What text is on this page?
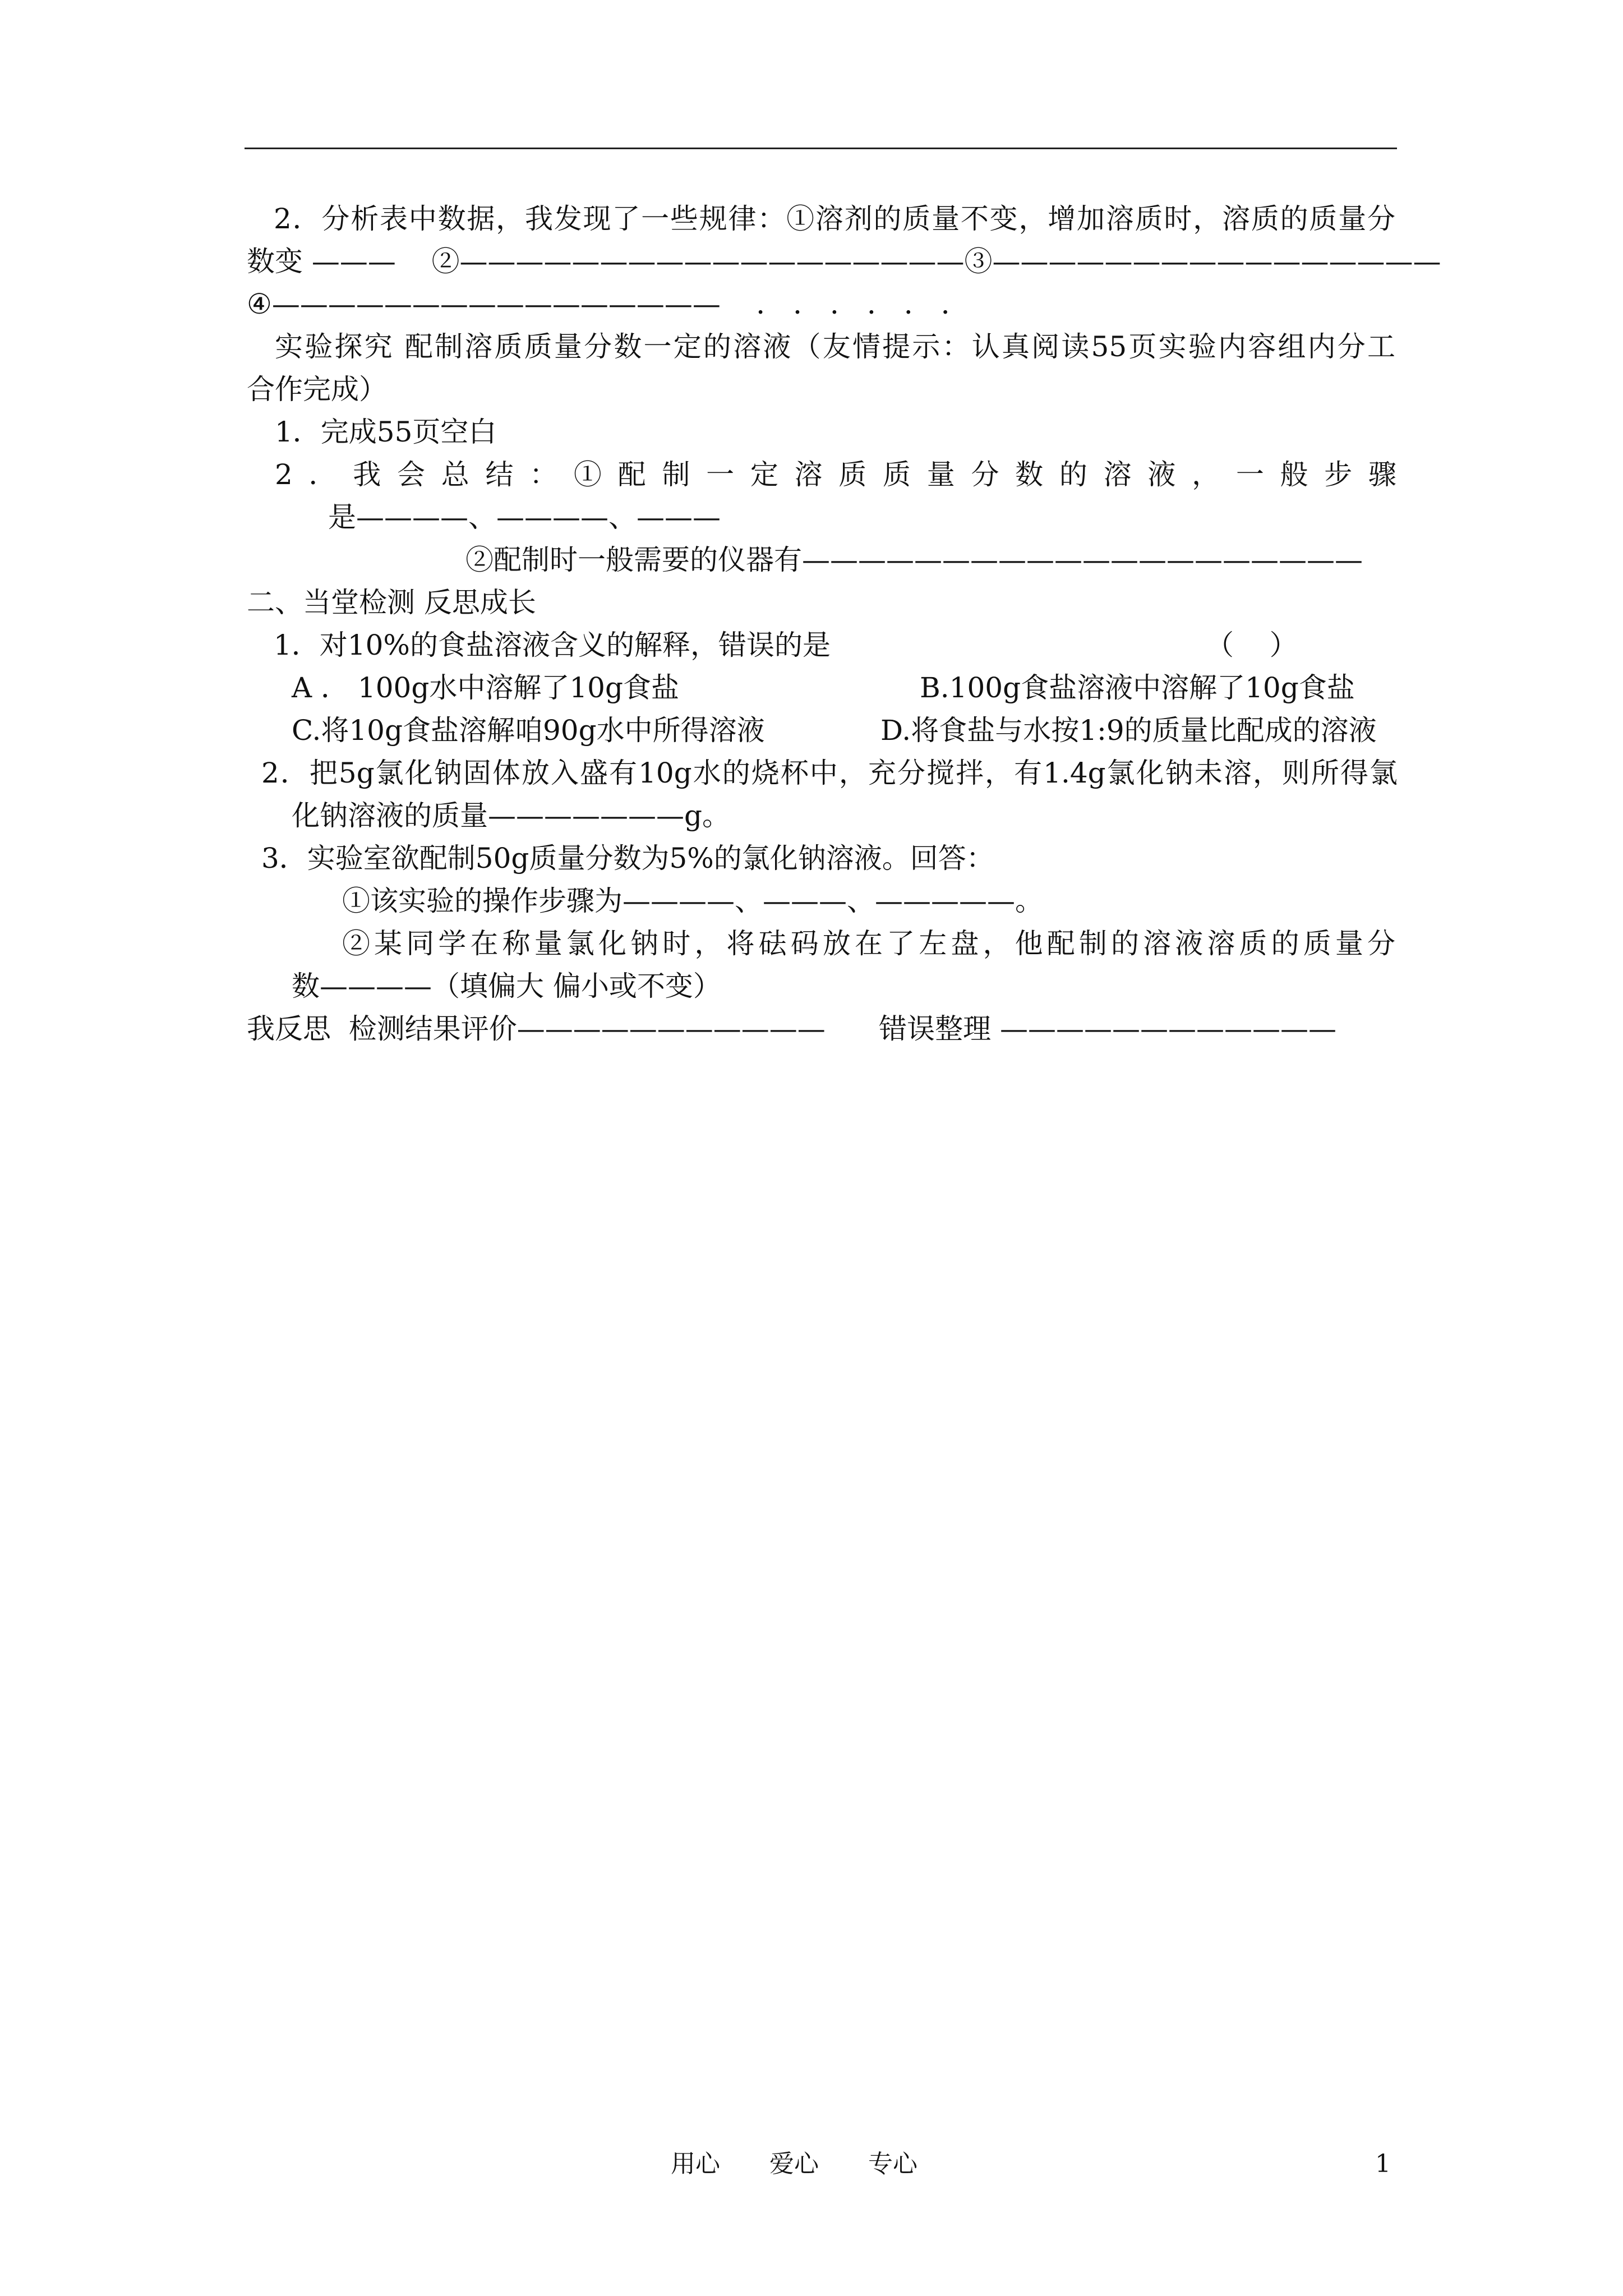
2．分析表中数据，我发现了一些规律：①溶剂的质量不变，增加溶质时，溶质的质量分
数变 ———    ②——————————————————③————————————————
④————————————————    ． ． ． ． ． ．
实验探究 配制溶质质量分数一定的溶液（友情提示：认真阅读55页实验内容组内分工
合作完成）
1．完成55页空白
2．我会总结：①配制一定溶质质量分数的溶液，一般步骤
是————、————、———
②配制时一般需要的仪器有————————————————————
二、当堂检测 反思成长
1．对10%的食盐溶液含义的解释，错误的是	（    ）
A ． 100g水中溶解了10g食盐	B.100g食盐溶液中溶解了10g食盐
C.将10g食盐溶解咱90g水中所得溶液	D.将食盐与水按1:9的质量比配成的溶液
2．把5g氯化钠固体放入盛有10g水的烧杯中，充分搅拌，有1.4g氯化钠未溶，则所得氯
化钠溶液的质量———————g。
3．实验室欲配制50g质量分数为5%的氯化钠溶液。回答：
①该实验的操作步骤为————、———、—————。
②某同学在称量氯化钠时，将砝码放在了左盘，他配制的溶液溶质的质量分
数————（填偏大 偏小或不变）
我反思  检测结果评价———————————      错误整理 ————————————
用心 爱心 专心	1
